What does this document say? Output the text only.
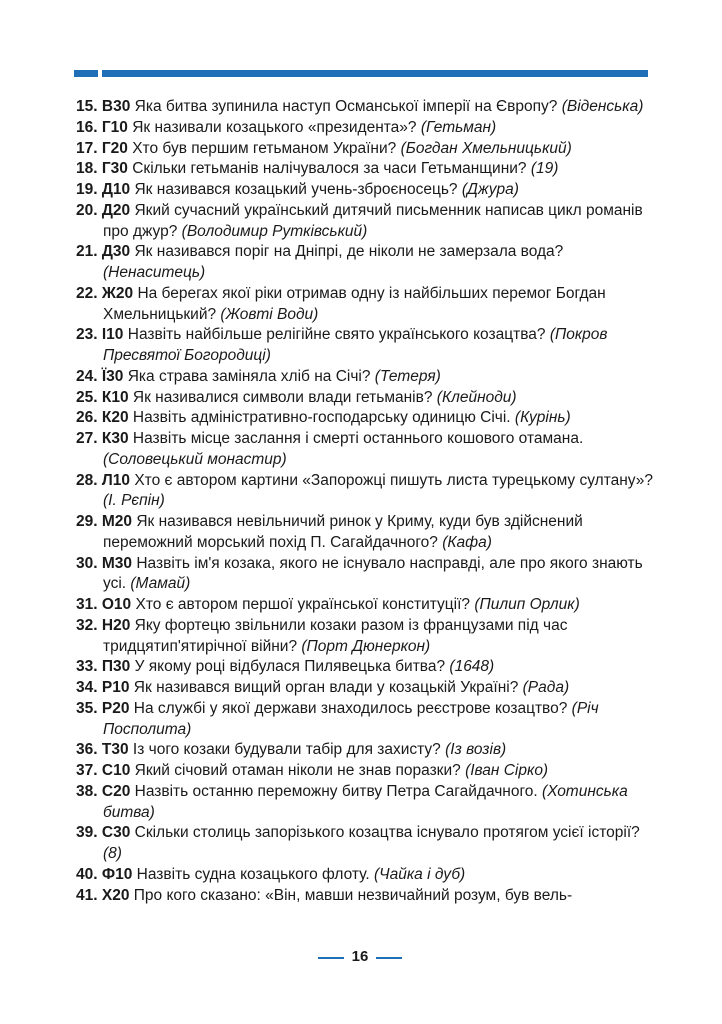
15. В30 Яка битва зупинила наступ Османської імперії на Європу? (Віденська)
16. Г10 Як називали козацького «президента»? (Гетьман)
17. Г20 Хто був першим гетьманом України? (Богдан Хмельницький)
18. Г30 Скільки гетьманів налічувалося за часи Гетьманщини? (19)
19. Д10 Як називався козацький учень-зброєносець? (Джура)
20. Д20 Який сучасний український дитячий письменник написав цикл романів про джур? (Володимир Рутківський)
21. Д30 Як називався поріг на Дніпрі, де ніколи не замерзала вода? (Ненаситець)
22. Ж20 На берегах якої ріки отримав одну із найбільших перемог Богдан Хмельницький? (Жовті Води)
23. І10 Назвіть найбільше релігійне свято українського козацтва? (Покров Пресвятої Богородиці)
24. Ї30 Яка страва заміняла хліб на Січі? (Тетеря)
25. К10 Як називалися символи влади гетьманів? (Клейноди)
26. К20 Назвіть адміністративно-господарську одиницю Січі. (Курінь)
27. К30 Назвіть місце заслання і смерті останнього кошового отамана. (Соловецький монастир)
28. Л10 Хто є автором картини «Запорожці пишуть листа турецькому султану»? (І. Рєпін)
29. М20 Як називався невільничий ринок у Криму, куди був здійснений переможний морський похід П. Сагайдачного? (Кафа)
30. М30 Назвіть ім'я козака, якого не існувало насправді, але про якого знають усі. (Мамай)
31. О10 Хто є автором першої української конституції? (Пилип Орлик)
32. Н20 Яку фортецю звільнили козаки разом із французами під час тридцятип'ятирічної війни? (Порт Дюнеркон)
33. П30 У якому році відбулася Пилявецька битва? (1648)
34. Р10 Як називався вищий орган влади у козацькій Україні? (Рада)
35. Р20 На службі у якої держави знаходилось реєстрове козацтво? (Річ Посполита)
36. Т30 Із чого козаки будували табір для захисту? (Із возів)
37. С10 Який січовий отаман ніколи не знав поразки? (Іван Сірко)
38. С20 Назвіть останню переможну битву Петра Сагайдачного. (Хотинська битва)
39. С30 Скільки столиць запорізького козацтва існувало протягом усієї історії? (8)
40. Ф10 Назвіть судна козацького флоту. (Чайка і дуб)
41. Х20 Про кого сказано: «Він, мавши незвичайний розум, був вель-
16
